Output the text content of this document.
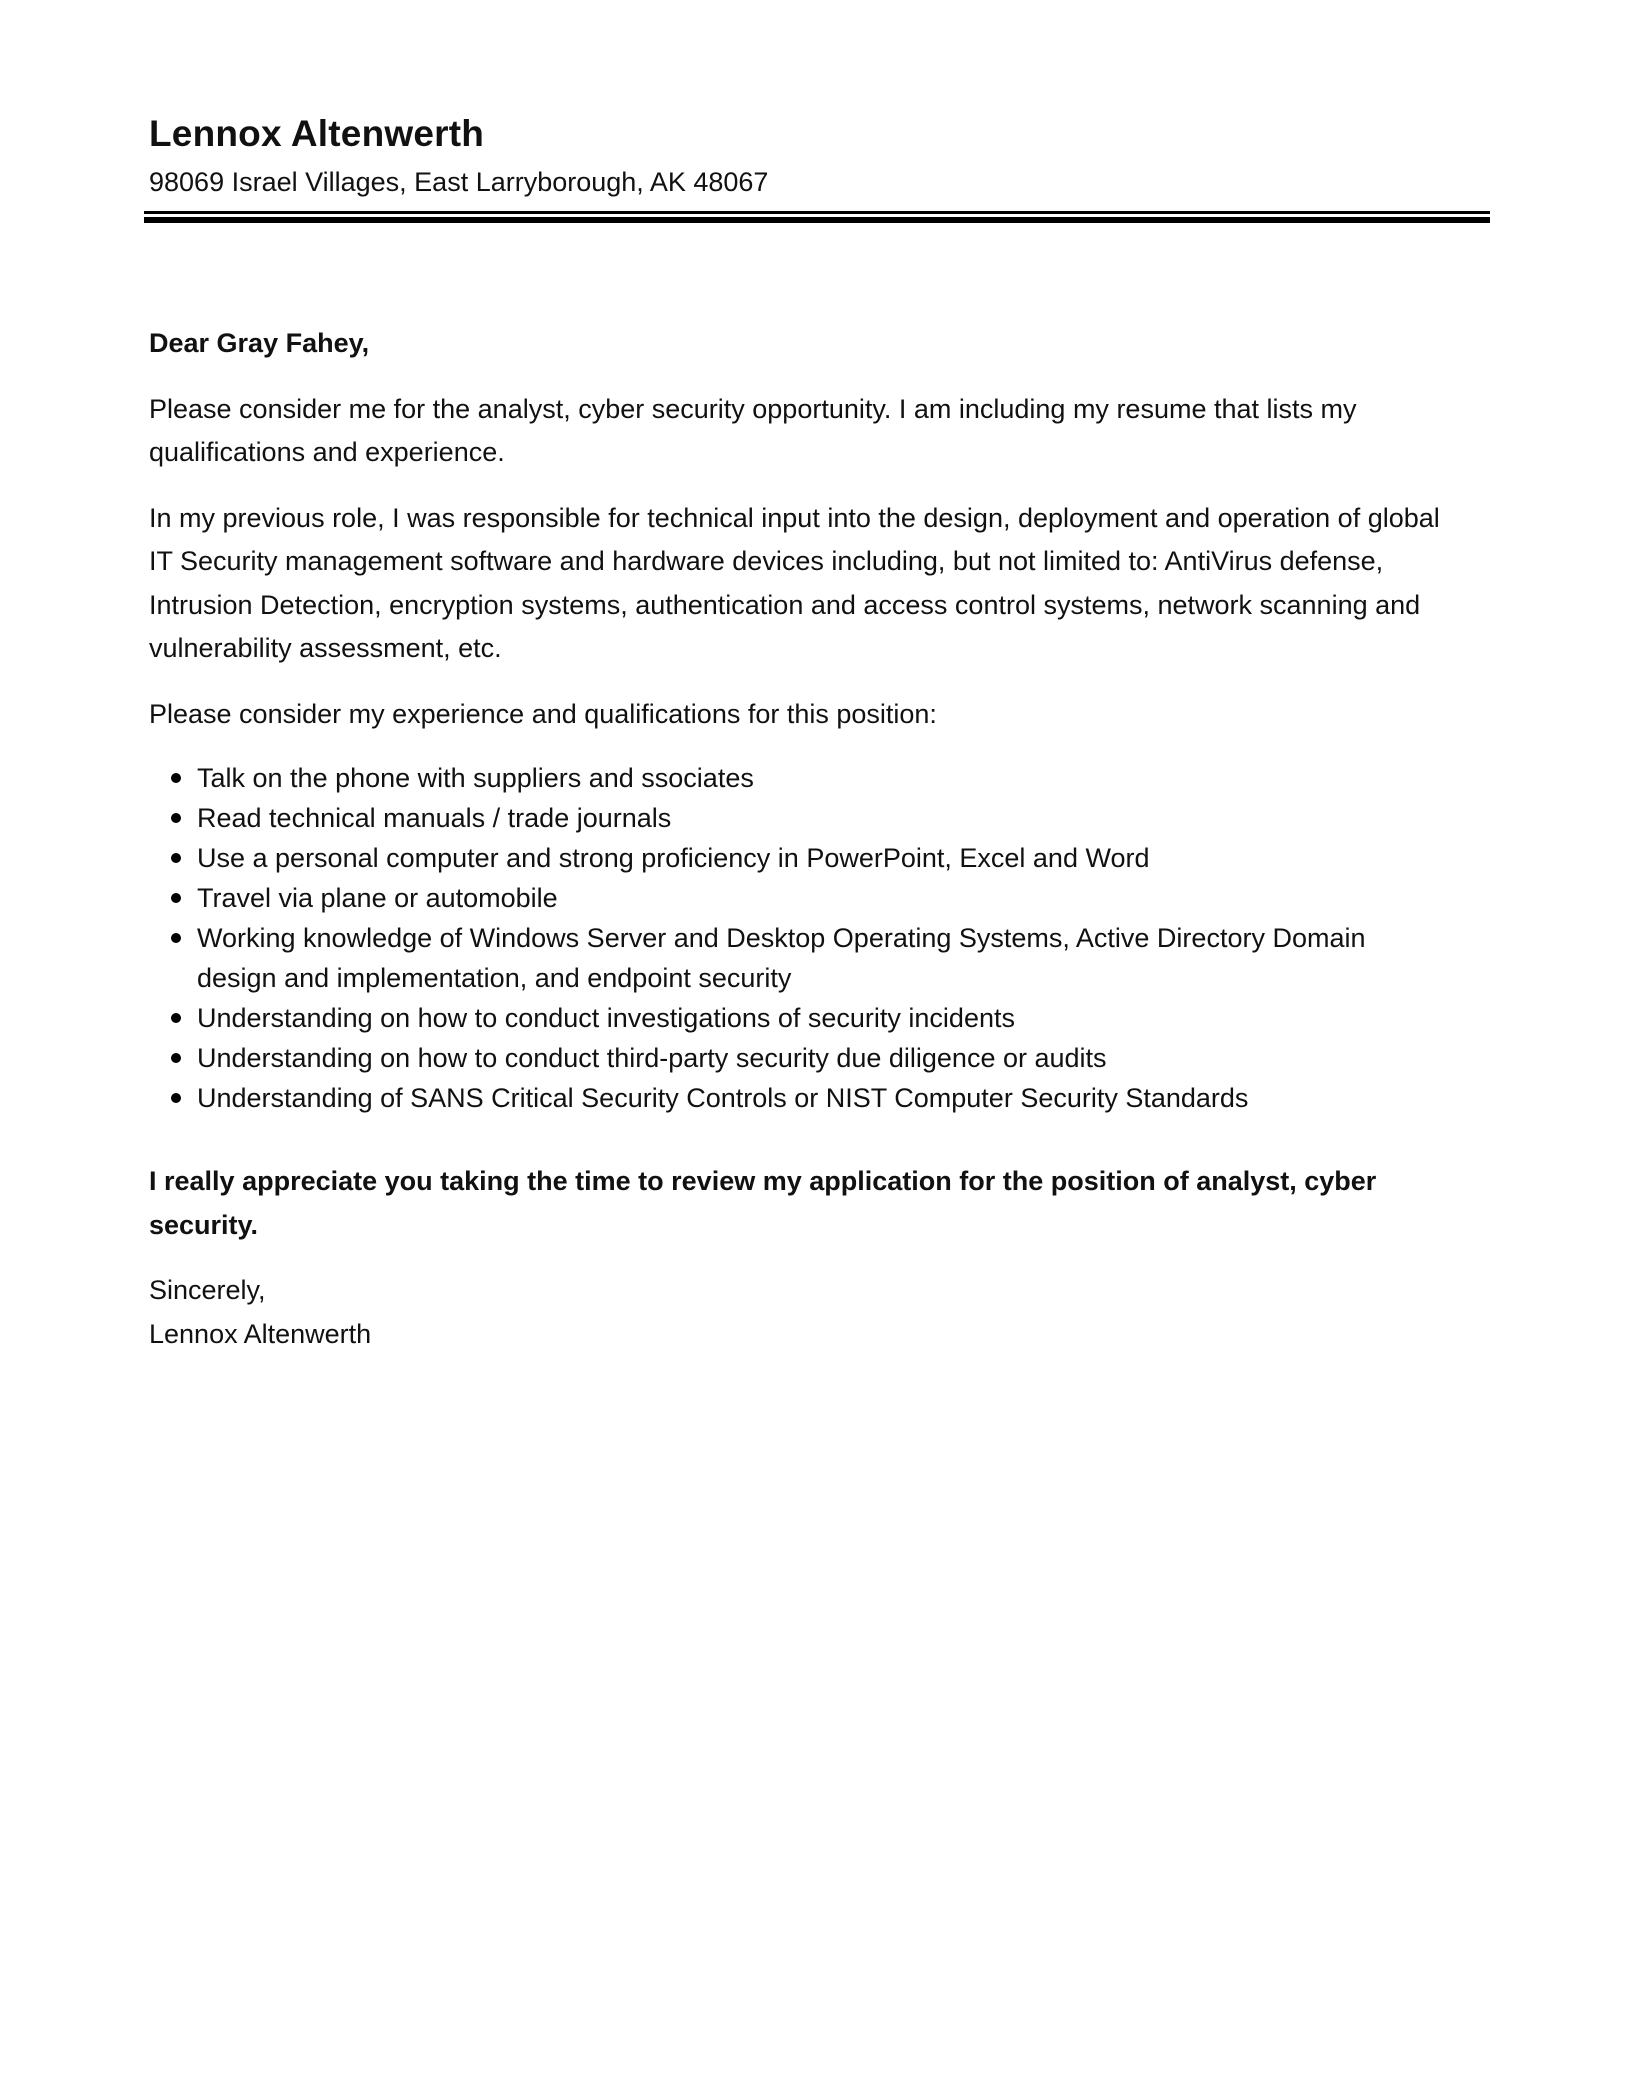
Lennox Altenwerth

98069 Israel Villages, East Larryborough, AK 48067

Dear Gray Fahey,

Please consider me for the analyst, cyber security opportunity. I am including my resume that lists my qualifications and experience.

In my previous role, I was responsible for technical input into the design, deployment and operation of global IT Security management software and hardware devices including, but not limited to: AntiVirus defense, Intrusion Detection, encryption systems, authentication and access control systems, network scanning and vulnerability assessment, etc.

Please consider my experience and qualifications for this position:

Talk on the phone with suppliers and ssociates
Read technical manuals / trade journals
Use a personal computer and strong proficiency in PowerPoint, Excel and Word
Travel via plane or automobile
Working knowledge of Windows Server and Desktop Operating Systems, Active Directory Domain design and implementation, and endpoint security
Understanding on how to conduct investigations of security incidents
Understanding on how to conduct third-party security due diligence or audits
Understanding of SANS Critical Security Controls or NIST Computer Security Standards

I really appreciate you taking the time to review my application for the position of analyst, cyber security.

Sincerely,

Lennox Altenwerth
